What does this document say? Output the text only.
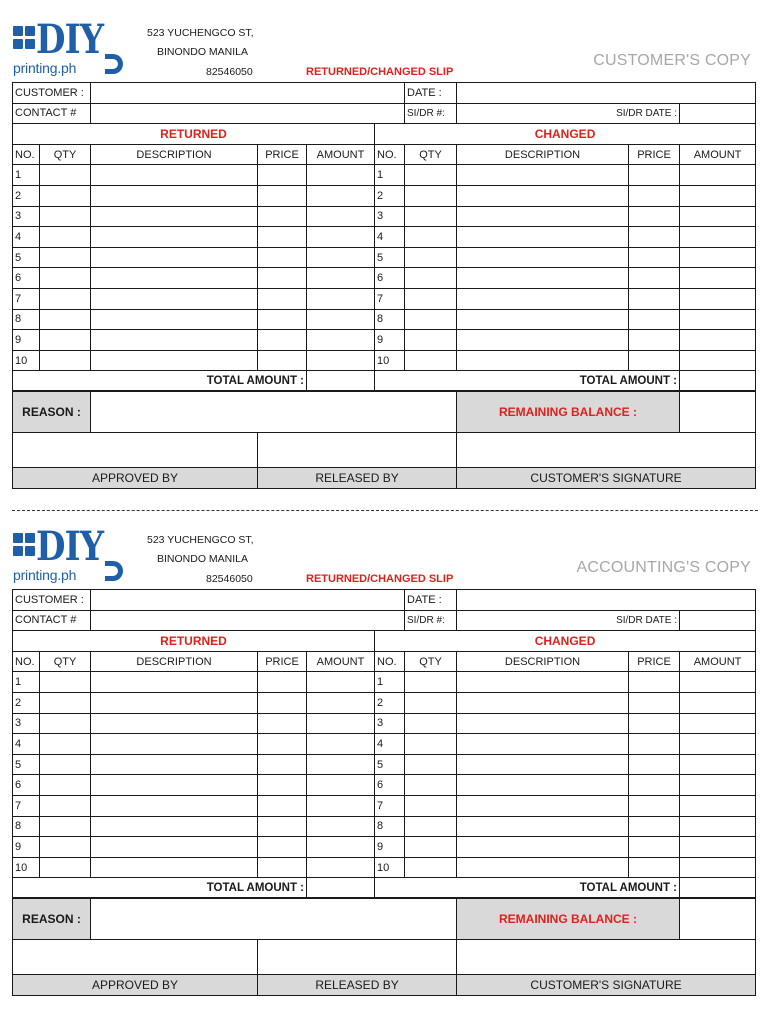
DIY
printing.ph
523 YUCHENGCO ST,
BINONDO MANILA
82546050	RETURNED/CHANGED SLIP
CUSTOMER'S COPY
CUSTOMER :						DATE :			
CONTACT #						SI/DR #:	SI/DR DATE :		
RETURNED					CHANGED				
NO.	QTY	DESCRIPTION	PRICE	AMOUNT	NO.	QTY	DESCRIPTION	PRICE	AMOUNT
1					1				
2					2				
3					3				
4					4				
5					5				
6					6				
7					7				
8					8				
9					9				
10					10				
TOTAL AMOUNT :					TOTAL AMOUNT :				
REASON :							REMAINING BALANCE :		

APPROVED BY			RELEASED BY				CUSTOMER'S SIGNATURE		
DIY
printing.ph
523 YUCHENGCO ST,
BINONDO MANILA
82546050	RETURNED/CHANGED SLIP
ACCOUNTING'S COPY
CUSTOMER :						DATE :			
CONTACT #						SI/DR #:	SI/DR DATE :		
RETURNED					CHANGED				
NO.	QTY	DESCRIPTION	PRICE	AMOUNT	NO.	QTY	DESCRIPTION	PRICE	AMOUNT
1					1				
2					2				
3					3				
4					4				
5					5				
6					6				
7					7				
8					8				
9					9				
10					10				
TOTAL AMOUNT :					TOTAL AMOUNT :				
REASON :							REMAINING BALANCE :		

APPROVED BY			RELEASED BY				CUSTOMER'S SIGNATURE		
